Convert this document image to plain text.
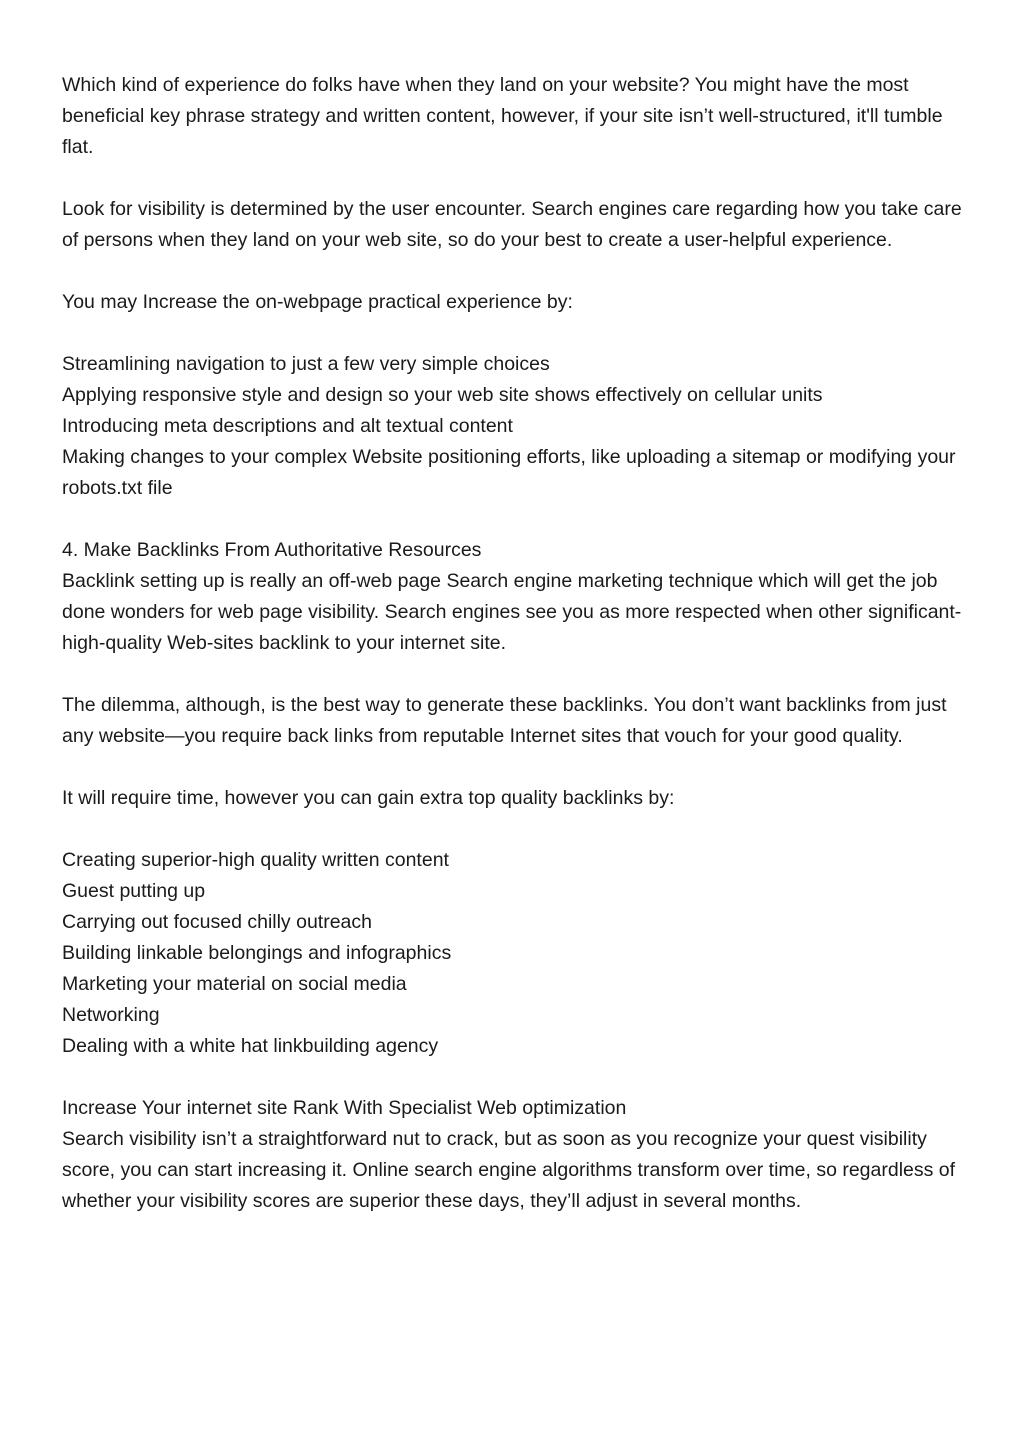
Which kind of experience do folks have when they land on your website? You might have the most beneficial key phrase strategy and written content, however, if your site isn’t well-structured, it'll tumble flat.

Look for visibility is determined by the user encounter. Search engines care regarding how you take care of persons when they land on your web site, so do your best to create a user-helpful experience.

You may Increase the on-webpage practical experience by:

Streamlining navigation to just a few very simple choices
Applying responsive style and design so your web site shows effectively on cellular units
Introducing meta descriptions and alt textual content
Making changes to your complex Website positioning efforts, like uploading a sitemap or modifying your robots.txt file
4. Make Backlinks From Authoritative Resources
Backlink setting up is really an off-web page Search engine marketing technique which will get the job done wonders for web page visibility. Search engines see you as more respected when other significant-high-quality Web-sites backlink to your internet site.

The dilemma, although, is the best way to generate these backlinks. You don’t want backlinks from just any website—you require back links from reputable Internet sites that vouch for your good quality.

It will require time, however you can gain extra top quality backlinks by:

Creating superior-high quality written content
Guest putting up
Carrying out focused chilly outreach
Building linkable belongings and infographics
Marketing your material on social media
Networking
Dealing with a white hat linkbuilding agency
Increase Your internet site Rank With Specialist Web optimization
Search visibility isn’t a straightforward nut to crack, but as soon as you recognize your quest visibility score, you can start increasing it. Online search engine algorithms transform over time, so regardless of whether your visibility scores are superior these days, they’ll adjust in several months.
